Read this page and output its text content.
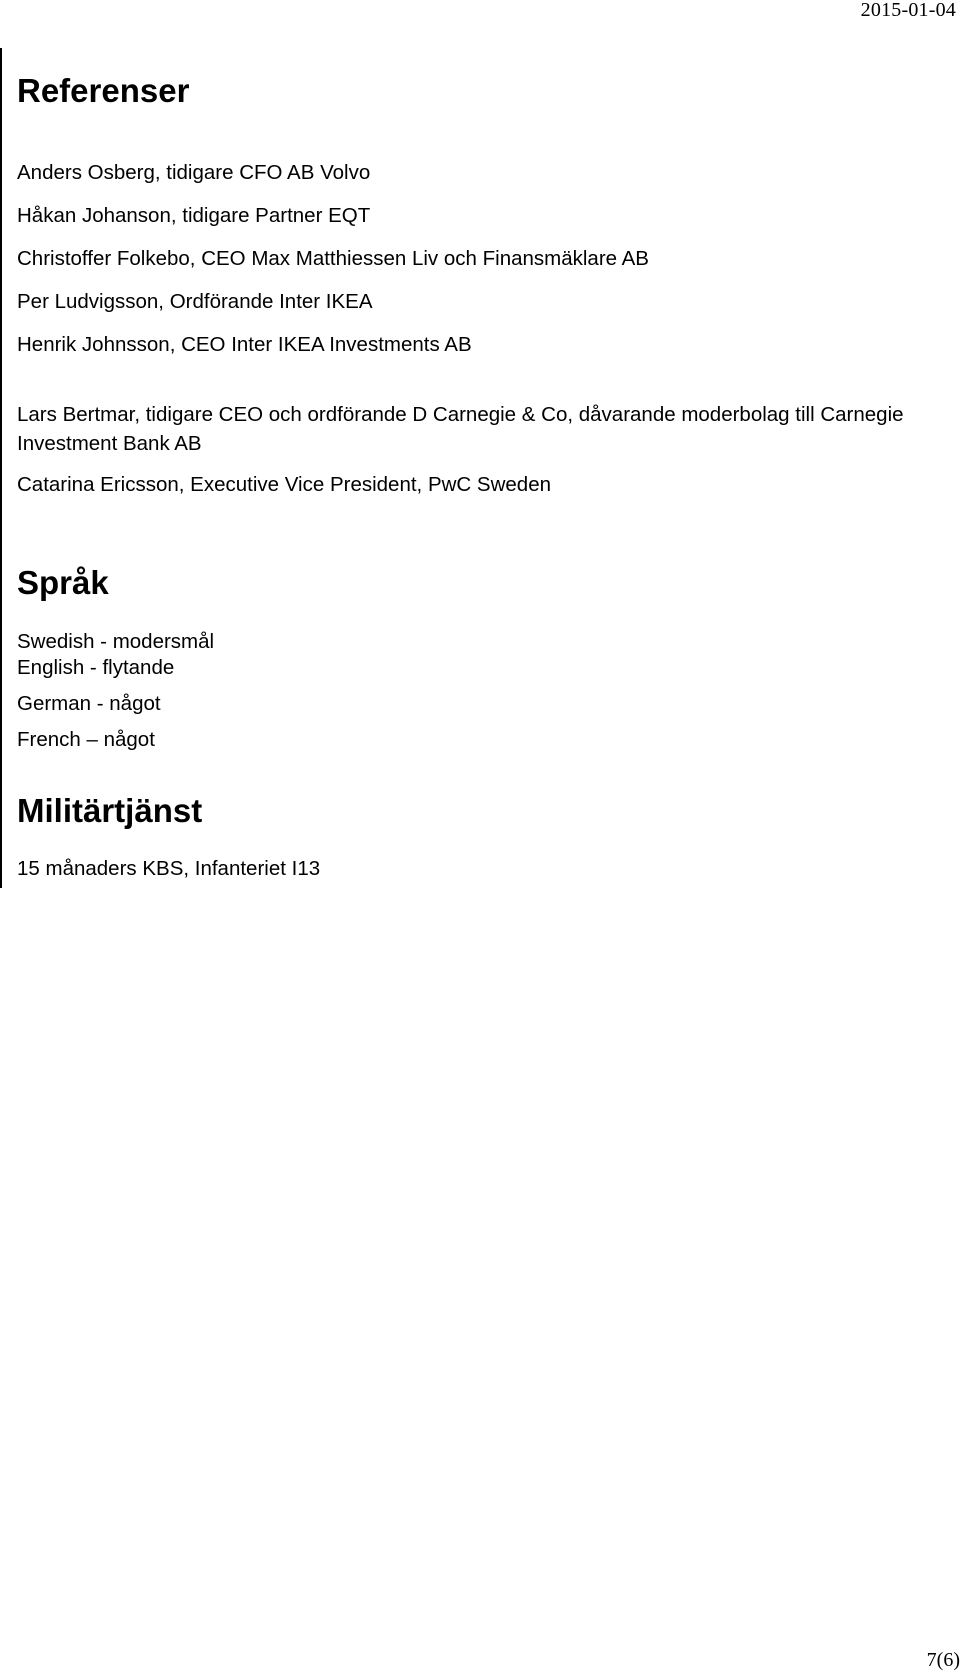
2015-01-04
Referenser

Anders Osberg, tidigare CFO AB Volvo

Håkan Johanson, tidigare Partner EQT

Christoffer Folkebo, CEO Max Matthiessen Liv och Finansmäklare AB

Per Ludvigsson, Ordförande Inter IKEA

Henrik Johnsson, CEO Inter IKEA Investments AB

Lars Bertmar, tidigare CEO och ordförande D Carnegie & Co, dåvarande moderbolag till Carnegie Investment Bank AB

Catarina Ericsson, Executive Vice President, PwC Sweden

Språk

Swedish - modersmål

English - flytande

German - något

French – något

Militärtjänst

15 månaders KBS, Infanteriet I13

7(6)
